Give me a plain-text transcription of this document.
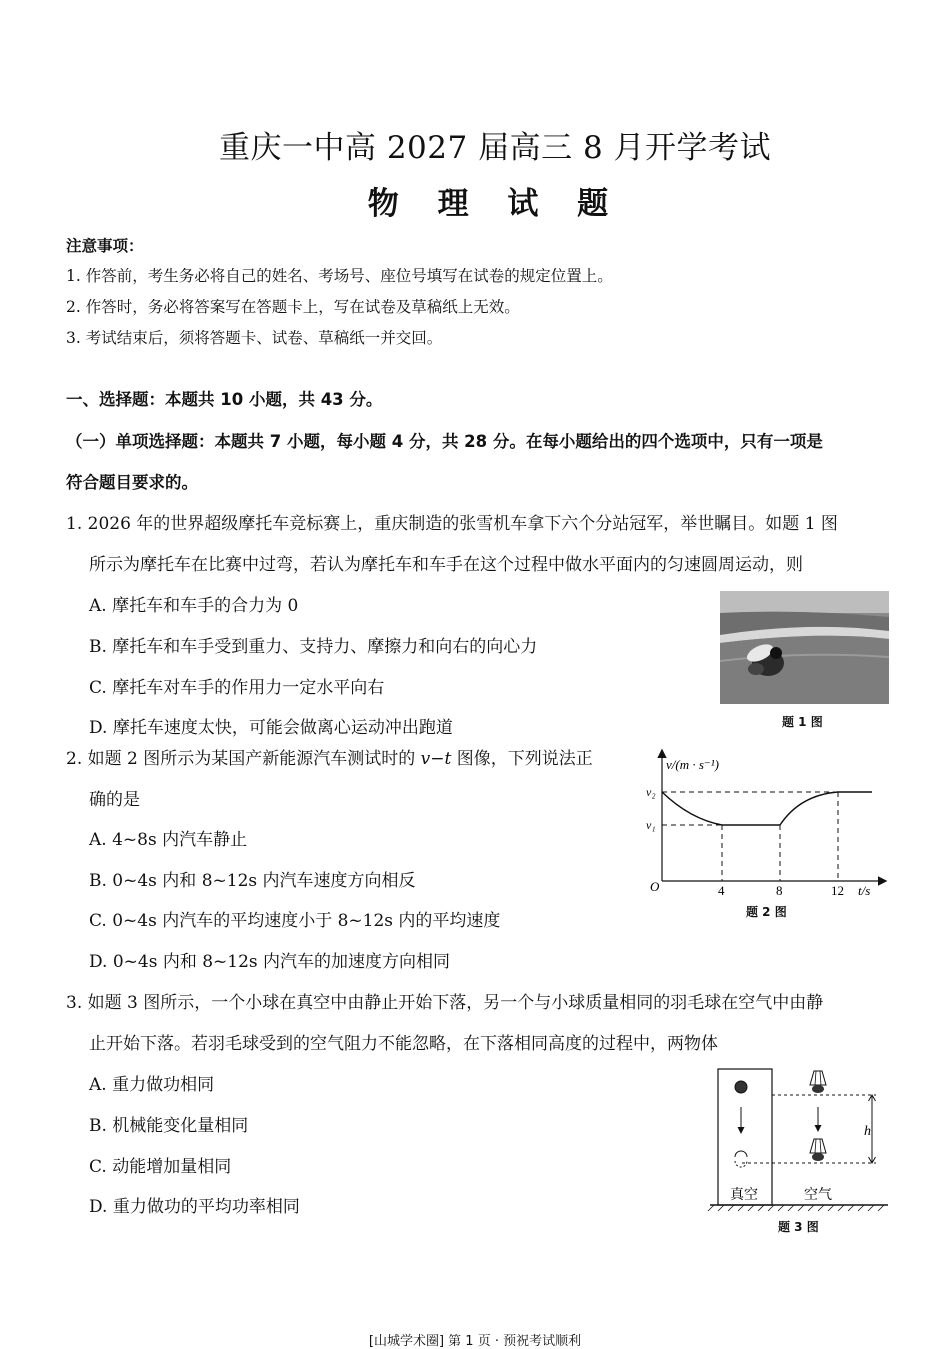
重庆一中高 2027 届高三 8 月开学考试
物 理 试 题
注意事项：
1. 作答前，考生务必将自己的姓名、考场号、座位号填写在试卷的规定位置上。
2. 作答时，务必将答案写在答题卡上，写在试卷及草稿纸上无效。
3. 考试结束后，须将答题卡、试卷、草稿纸一并交回。
一、选择题：本题共 10 小题，共 43 分。
（一）单项选择题：本题共 7 小题，每小题 4 分，共 28 分。在每小题给出的四个选项中，只有一项是
符合题目要求的。
1. 2026 年的世界超级摩托车竞标赛上，重庆制造的张雪机车拿下六个分站冠军，举世瞩目。如题 1 图
所示为摩托车在比赛中过弯，若认为摩托车和车手在这个过程中做水平面内的匀速圆周运动，则
A. 摩托车和车手的合力为 0
B. 摩托车和车手受到重力、支持力、摩擦力和向右的向心力
C. 摩托车对车手的作用力一定水平向右
D. 摩托车速度太快，可能会做离心运动冲出跑道	题 1 图
2. 如题 2 图所示为某国产新能源汽车测试时的 v−t 图像，下列说法正
确的是
A. 4~8s 内汽车静止
B. 0~4s 内和 8~12s 内汽车速度方向相反
C. 0~4s 内汽车的平均速度小于 8~12s 内的平均速度
D. 0~4s 内和 8~12s 内汽车的加速度方向相同
v/(m · s⁻¹)
t/s
O
v₂
v₁
4	8	12
题 2 图
3. 如题 3 图所示，一个小球在真空中由静止开始下落，另一个与小球质量相同的羽毛球在空气中由静
止开始下落。若羽毛球受到的空气阻力不能忽略，在下落相同高度的过程中，两物体
A. 重力做功相同
B. 机械能变化量相同
C. 动能增加量相同
D. 重力做功的平均功率相同
h
真空	空气
题 3 图
[山城学术圈] 第 1 页 · 预祝考试顺利
